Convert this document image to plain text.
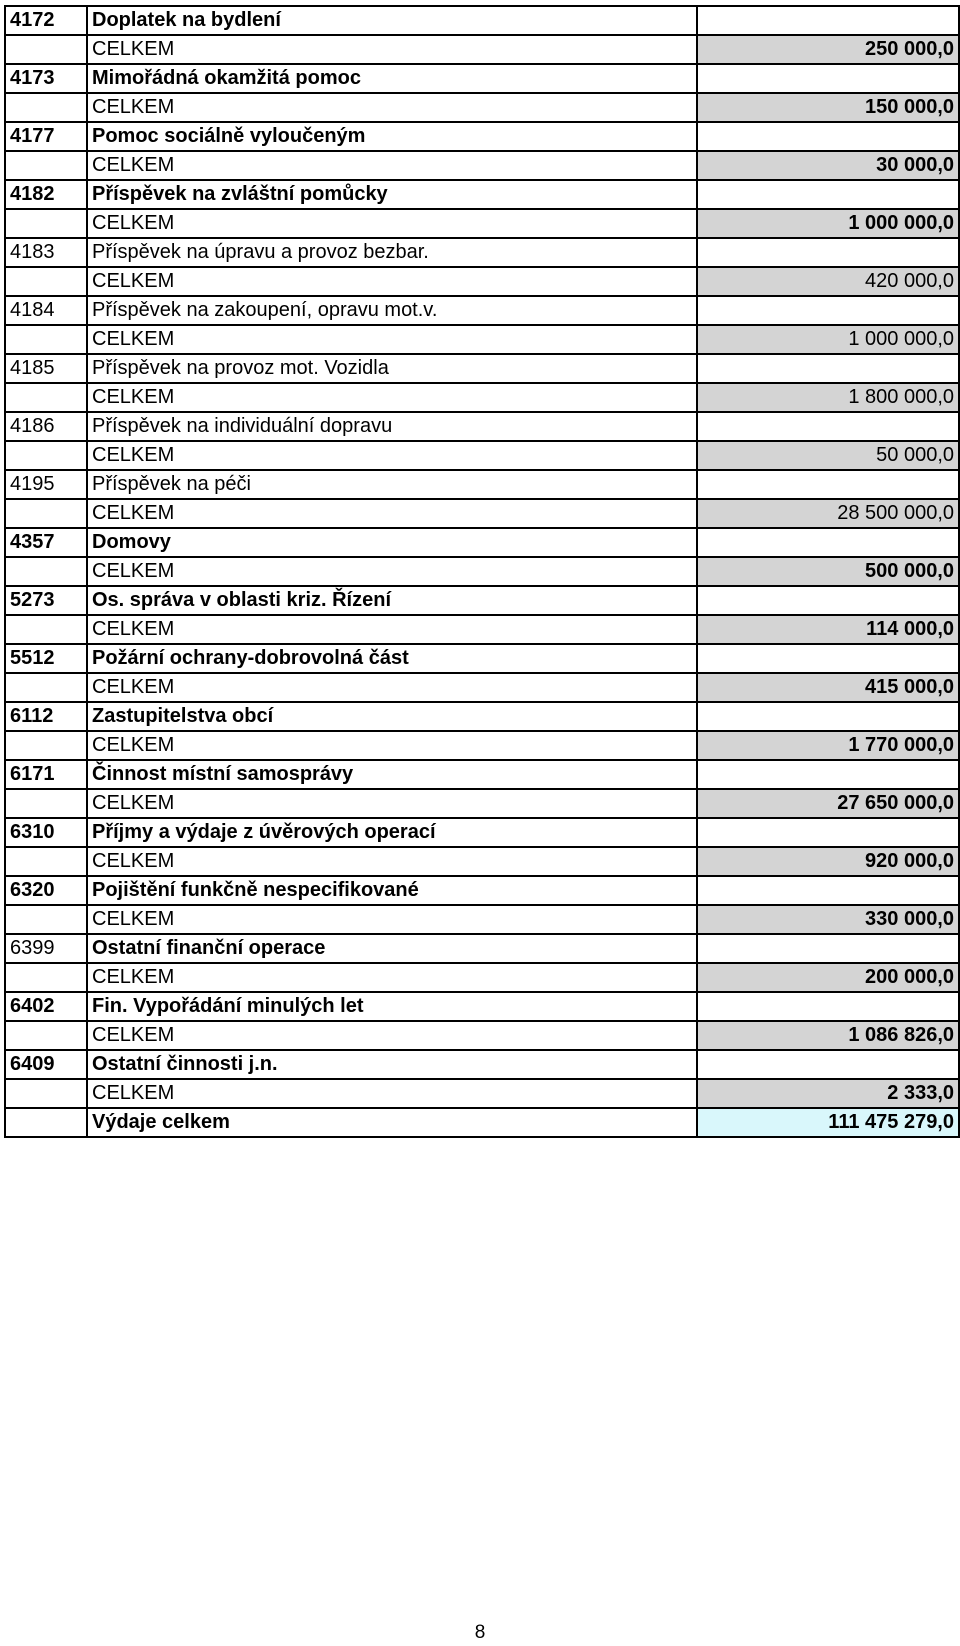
4172	Doplatek na bydlení	
	CELKEM	250 000,0
4173	Mimořádná okamžitá pomoc	
	CELKEM	150 000,0
4177	Pomoc sociálně vyloučeným	
	CELKEM	30 000,0
4182	Příspěvek na zvláštní pomůcky	
	CELKEM	1 000 000,0
4183	Příspěvek na úpravu a provoz bezbar.	
	CELKEM	420 000,0
4184	Příspěvek na zakoupení, opravu mot.v.	
	CELKEM	1 000 000,0
4185	Příspěvek na provoz mot. Vozidla	
	CELKEM	1 800 000,0
4186	Příspěvek na individuální dopravu	
	CELKEM	50 000,0
4195	Příspěvek na péči	
	CELKEM	28 500 000,0
4357	Domovy	
	CELKEM	500 000,0
5273	Os. správa v oblasti kriz. Řízení	
	CELKEM	114 000,0
5512	Požární ochrany-dobrovolná část	
	CELKEM	415 000,0
6112	Zastupitelstva obcí	
	CELKEM	1 770 000,0
6171	Činnost místní samosprávy	
	CELKEM	27 650 000,0
6310	Příjmy a výdaje z úvěrových operací	
	CELKEM	920 000,0
6320	Pojištění funkčně nespecifikované	
	CELKEM	330 000,0
6399	Ostatní finanční operace	
	CELKEM	200 000,0
6402	Fin. Vypořádání minulých let	
	CELKEM	1 086 826,0
6409	Ostatní činnosti j.n.	
	CELKEM	2 333,0
	Výdaje celkem	111 475 279,0
8
